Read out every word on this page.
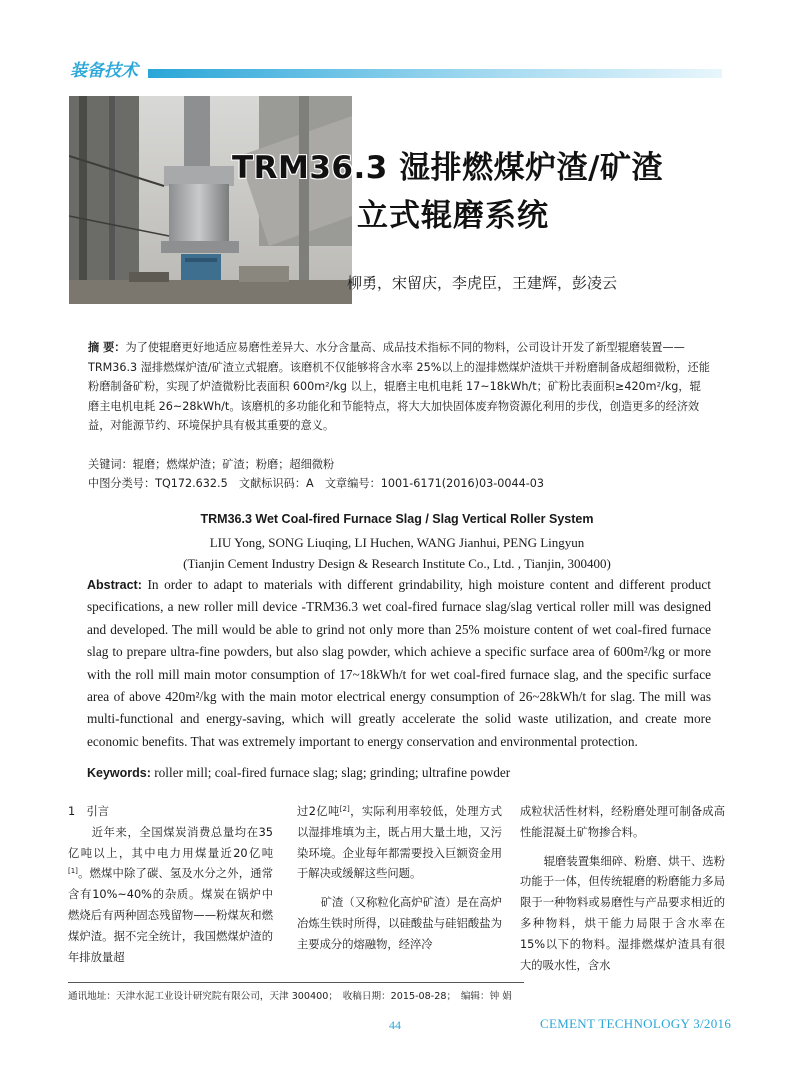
装备技术
TRM36.3 湿排燃煤炉渣/矿渣
立式辊磨系统
柳勇，宋留庆，李虎臣，王建辉，彭凌云
摘 要：为了使辊磨更好地适应易磨性差异大、水分含量高、成品技术指标不同的物料，公司设计开发了新型辊磨装置——TRM36.3 湿排燃煤炉渣/矿渣立式辊磨。该磨机不仅能够将含水率 25%以上的湿排燃煤炉渣烘干并粉磨制备成超细微粉，还能粉磨制备矿粉，实现了炉渣微粉比表面积 600m²/kg 以上，辊磨主电机电耗 17~18kWh/t；矿粉比表面积≥420m²/kg，辊磨主电机电耗 26~28kWh/t。该磨机的多功能化和节能特点，将大大加快固体废弃物资源化利用的步伐，创造更多的经济效益，对能源节约、环境保护具有极其重要的意义。
关键词：辊磨；燃煤炉渣；矿渣；粉磨；超细微粉
中图分类号：TQ172.632.5　文献标识码：A　文章编号：1001-6171(2016)03-0044-03
TRM36.3 Wet Coal-fired Furnace Slag / Slag Vertical Roller System
LIU Yong, SONG Liuqing, LI Huchen, WANG Jianhui, PENG Lingyun
(Tianjin Cement Industry Design & Research Institute Co., Ltd. , Tianjin, 300400)
Abstract: In order to adapt to materials with different grindability, high moisture content and different product specifications, a new roller mill device -TRM36.3 wet coal-fired furnace slag/slag vertical roller mill was designed and developed. The mill would be able to grind not only more than 25% moisture content of wet coal-fired furnace slag to prepare ultra-fine powders, but also slag powder, which achieve a specific surface area of 600m²/kg or more with the roll mill main motor consumption of 17~18kWh/t for wet coal-fired furnace slag, and the specific surface area of above 420m²/kg with the main motor electrical energy consumption of 26~28kWh/t for slag. The mill was multi-functional and energy-saving, which will greatly accelerate the solid waste utilization, and create more economic benefits. That was extremely important to energy conservation and environmental protection.
Keywords: roller mill; coal-fired furnace slag; slag; grinding; ultrafine powder

1　引言

近年来，全国煤炭消费总量均在35亿吨以上，其中电力用煤量近20亿吨[1]。燃煤中除了碳、氢及水分之外，通常含有10%~40%的杂质。煤炭在锅炉中燃烧后有两种固态残留物——粉煤灰和燃煤炉渣。据不完全统计，我国燃煤炉渣的年排放量超

过2亿吨[2]，实际利用率较低，处理方式以湿排堆填为主，既占用大量土地，又污染环境。企业每年都需要投入巨额资金用于解决或缓解这些问题。

矿渣（又称粒化高炉矿渣）是在高炉冶炼生铁时所得，以硅酸盐与硅铝酸盐为主要成分的熔融物，经淬冷

成粒状活性材料，经粉磨处理可制备成高性能混凝土矿物掺合料。

辊磨装置集细碎、粉磨、烘干、选粉功能于一体，但传统辊磨的粉磨能力多局限于一种物料或易磨性与产品要求相近的多种物料，烘干能力局限于含水率在15%以下的物料。湿排燃煤炉渣具有很大的吸水性，含水

通讯地址：天津水泥工业设计研究院有限公司，天津 300400；　收稿日期：2015-08-28；　编辑：钟 娟
44	CEMENT TECHNOLOGY 3/2016
